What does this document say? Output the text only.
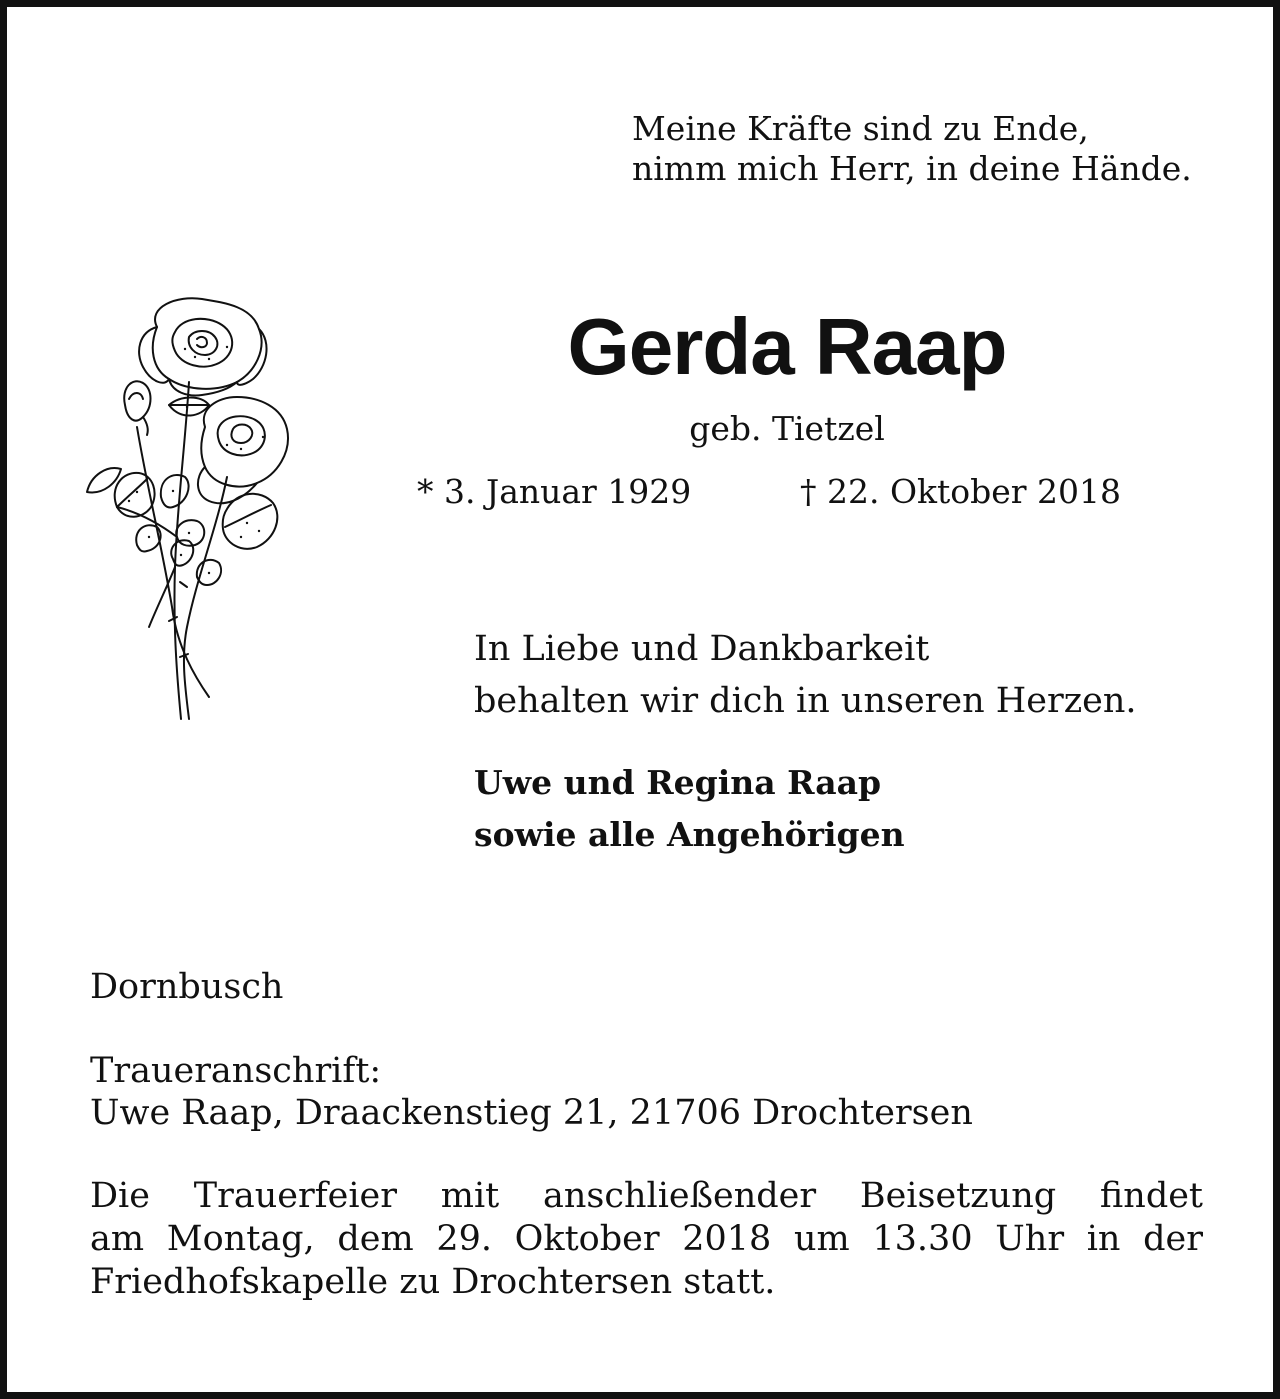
Meine Kräfte sind zu Ende,
nimm mich Herr, in deine Hände.
Gerda Raap
geb. Tietzel
* 3. Januar 1929	† 22. Oktober 2018
In Liebe und Dankbarkeit
behalten wir dich in unseren Herzen.
Uwe und Regina Raap
sowie alle Angehörigen
Dornbusch
Traueranschrift:
Uwe Raap, Draackenstieg 21, 21706 Drochtersen
Die Trauerfeier mit anschließender Beisetzung findet
am Montag, dem 29. Oktober 2018 um 13.30 Uhr in der
Friedhofskapelle zu Drochtersen statt.
